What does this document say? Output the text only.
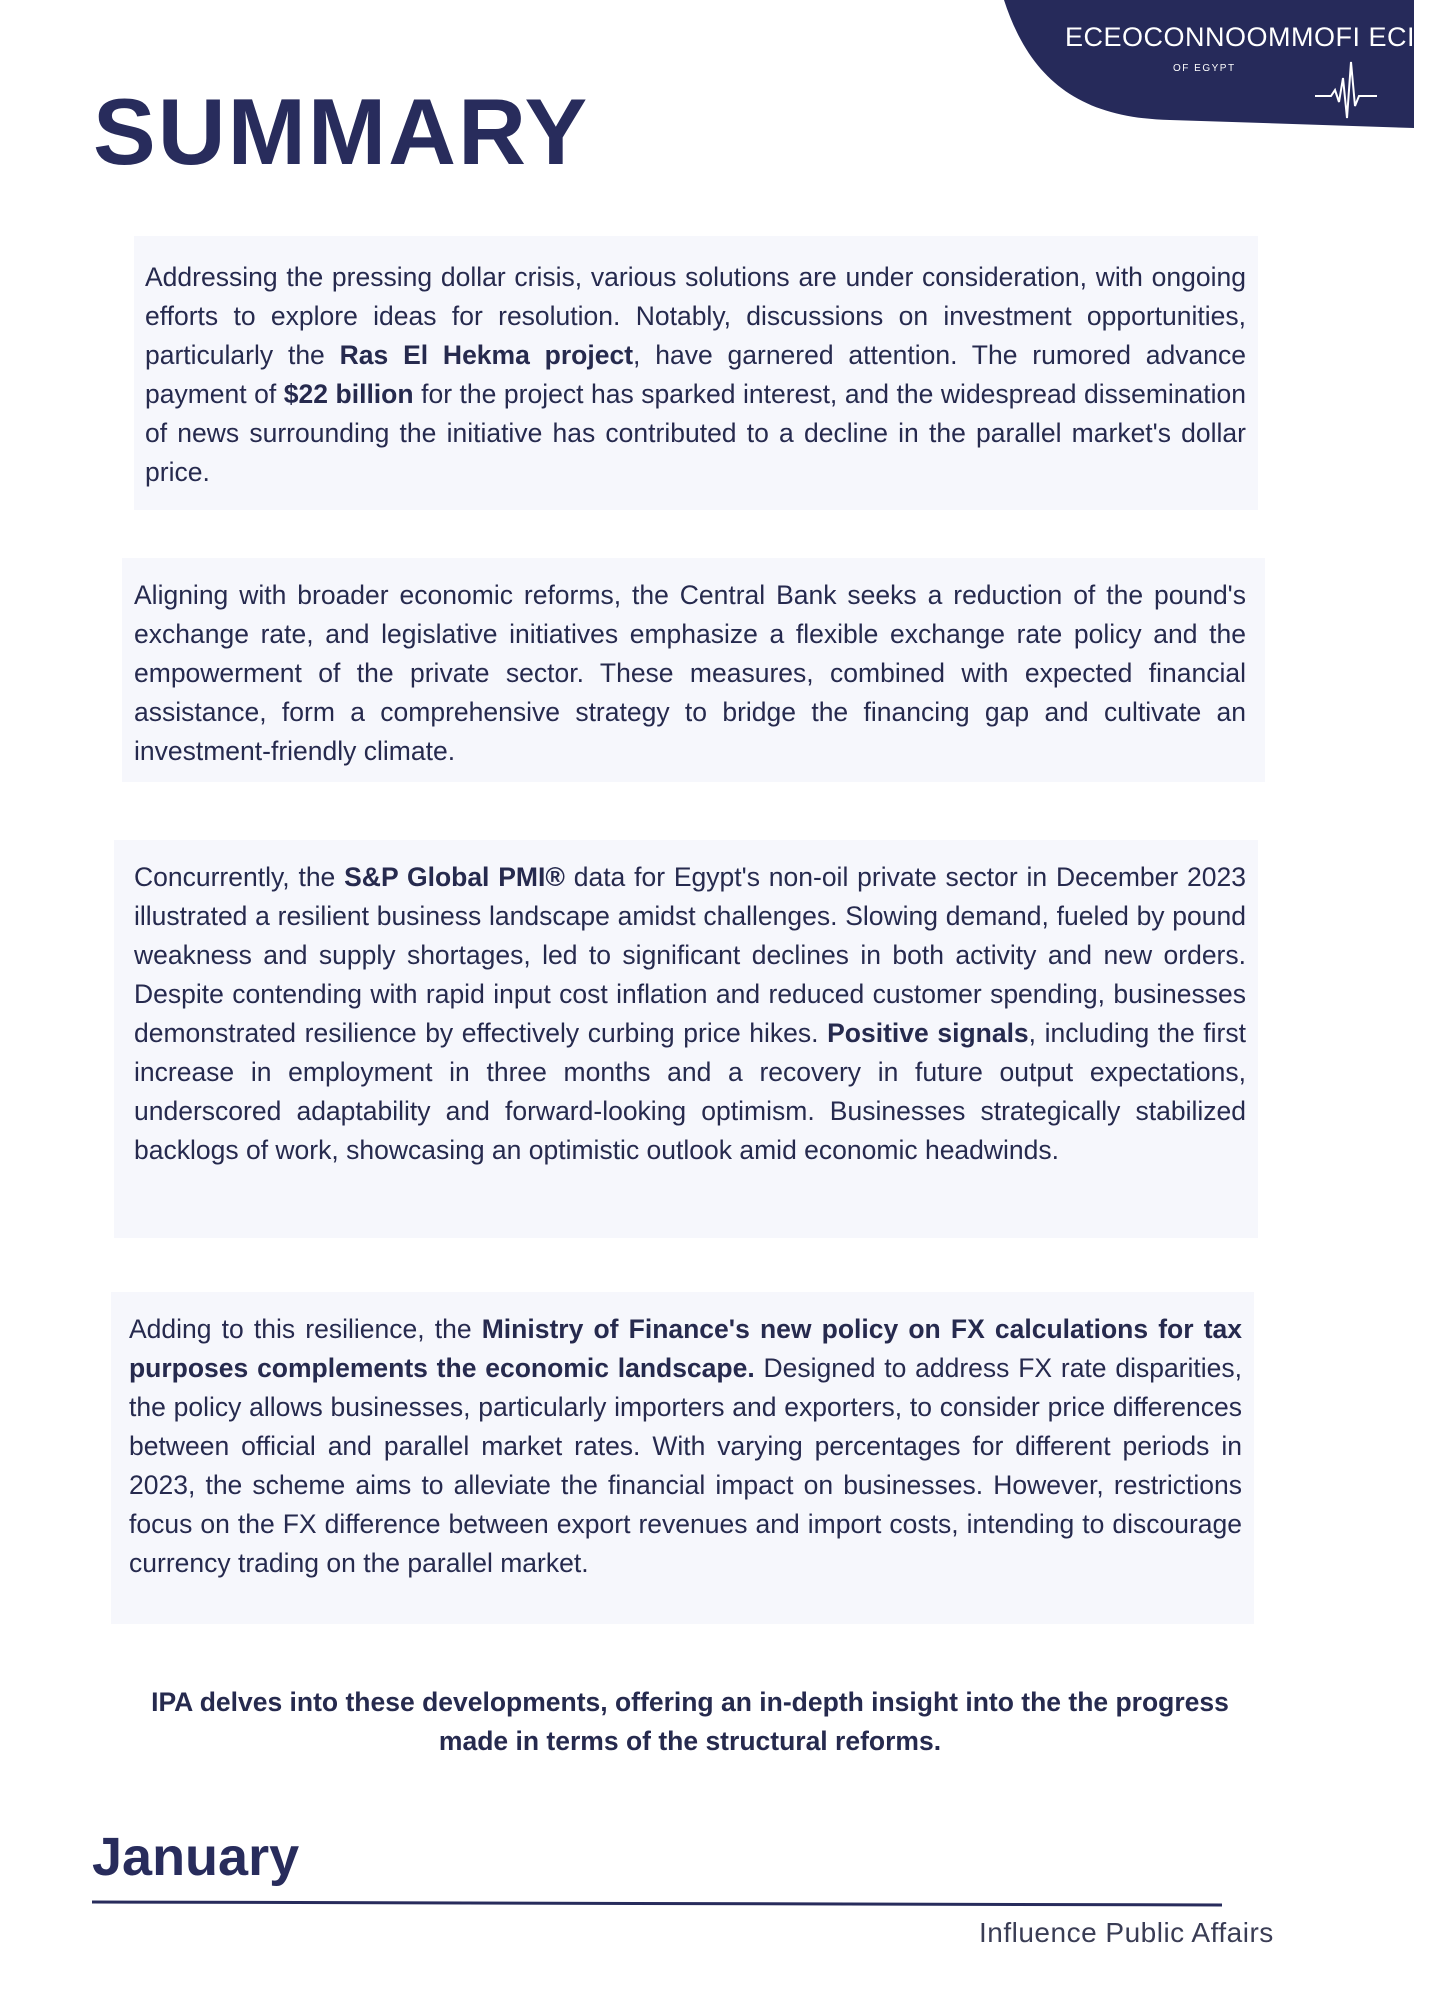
ECEOCONNOOMMOFI ECICP
OF EGYPT
SUMMARY

Addressing the pressing dollar crisis, various solutions are under consideration, with ongoing efforts to explore ideas for resolution. Notably, discussions on investment opportunities, particularly the Ras El Hekma project, have garnered attention. The rumored advance payment of $22 billion for the project has sparked interest, and the widespread dissemination of news surrounding the initiative has contributed to a decline in the parallel market's dollar price.

Aligning with broader economic reforms, the Central Bank seeks a reduction of the pound's exchange rate, and legislative initiatives emphasize a flexible exchange rate policy and the empowerment of the private sector. These measures, combined with expected financial assistance, form a comprehensive strategy to bridge the financing gap and cultivate an investment-friendly climate.

Concurrently, the S&P Global PMI® data for Egypt's non-oil private sector in December 2023 illustrated a resilient business landscape amidst challenges. Slowing demand, fueled by pound weakness and supply shortages, led to significant declines in both activity and new orders. Despite contending with rapid input cost inflation and reduced customer spending, businesses demonstrated resilience by effectively curbing price hikes. Positive signals, including the first increase in employment in three months and a recovery in future output expectations, underscored adaptability and forward-looking optimism. Businesses strategically stabilized backlogs of work, showcasing an optimistic outlook amid economic headwinds.

Adding to this resilience, the Ministry of Finance's new policy on FX calculations for tax purposes complements the economic landscape. Designed to address FX rate disparities, the policy allows businesses, particularly importers and exporters, to consider price differences between official and parallel market rates. With varying percentages for different periods in 2023, the scheme aims to alleviate the financial impact on businesses. However, restrictions focus on the FX difference between export revenues and import costs, intending to discourage currency trading on the parallel market.

IPA delves into these developments, offering an in-depth insight into the the progress made in terms of the structural reforms.

January
Influence Public Affairs
